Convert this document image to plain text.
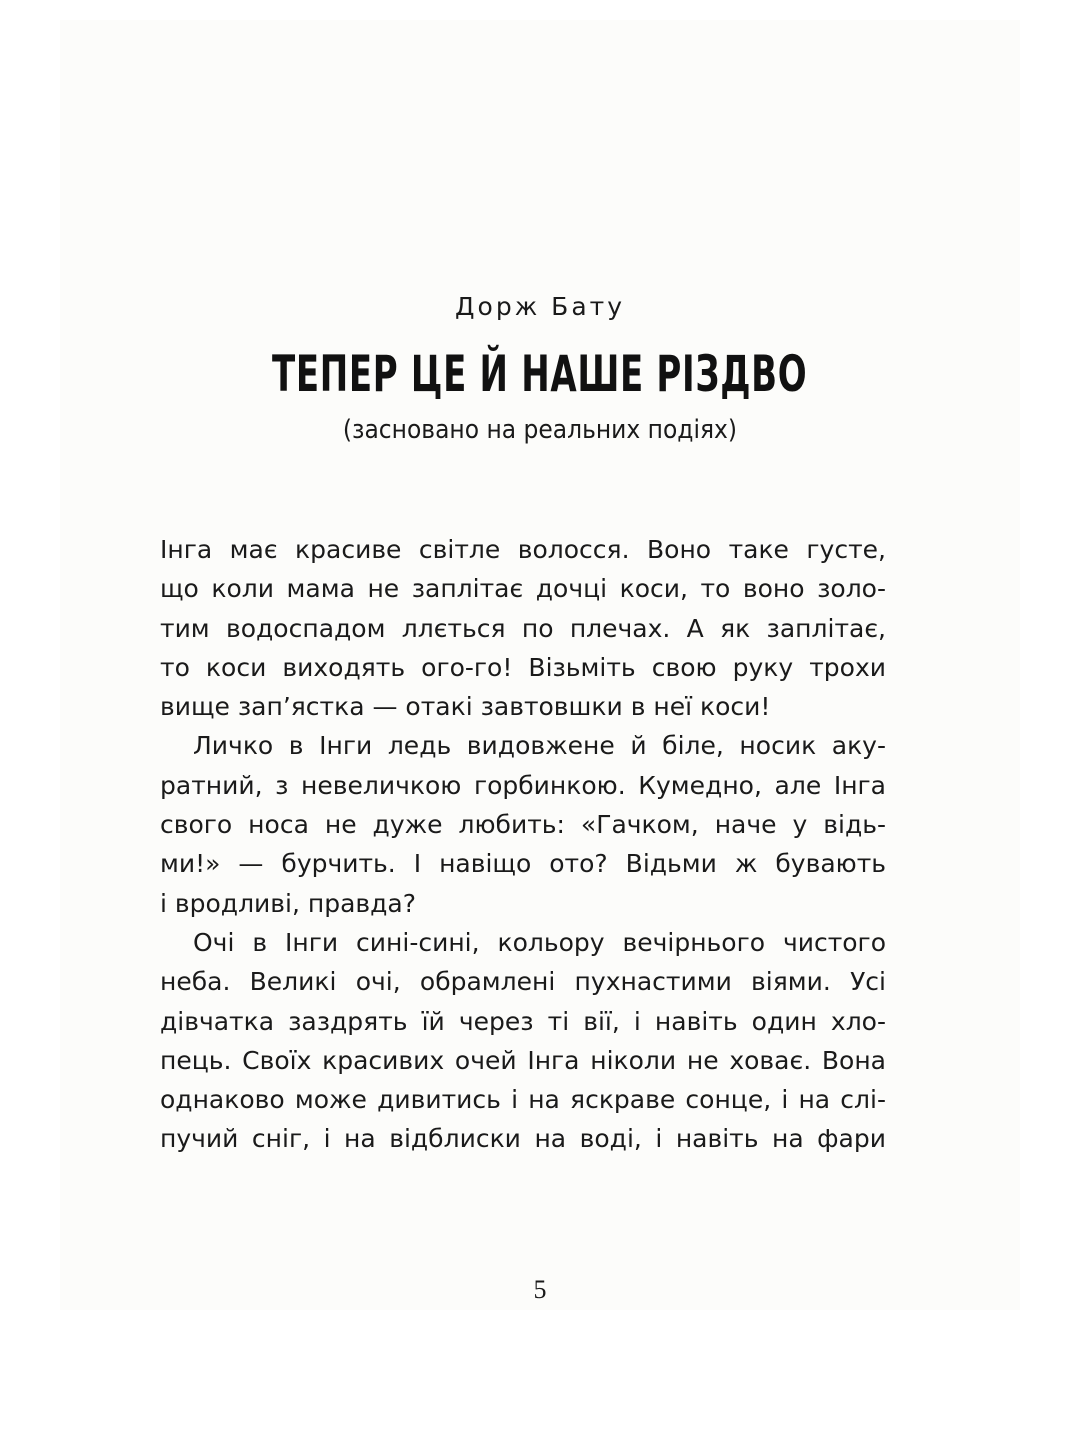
Дорж Бату
ТЕПЕР ЦЕ Й НАШЕ РІЗДВО
(засновано на реальних подіях)

Інга має красиве світле волосся. Воно таке густе,
що коли мама не заплітає дочці коси, то воно золо-
тим водоспадом ллється по плечах. А як заплітає,
то коси виходять ого-го! Візьміть свою руку трохи
вище зап’ястка — отакі завтовшки в неї коси!

Личко в Інги ледь видовжене й біле, носик аку-
ратний, з невеличкою горбинкою. Кумедно, але Інга
свого носа не дуже любить: «Гачком, наче у відь-
ми!» — бурчить. І навіщо ото? Відьми ж бувають
і вродливі, правда?

Очі в Інги сині-сині, кольору вечірнього чистого
неба. Великі очі, обрамлені пухнастими віями. Усі
дівчатка заздрять їй через ті вії, і навіть один хло-
пець. Своїх красивих очей Інга ніколи не ховає. Вона
однаково може дивитись і на яскраве сонце, і на слі-
пучий сніг, і на відблиски на воді, і навіть на фари

5
